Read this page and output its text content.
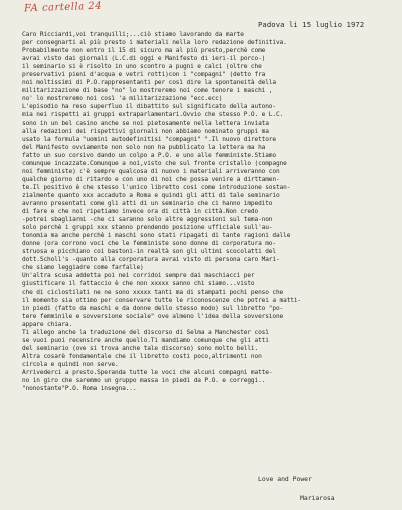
FA cartella 24
Padova li 15 luglio 1972
Caro Ricciardi,voi tranquilli;...ciò stiamo lavorando da marte
per consegnarti al più presto i materiali nella loro redazione definitiva.
Probabilmente non entro il 15 di sicuro ma al più presto,perchè come
avrai visto dai giornali (L.C.di oggi e Manifesto di ieri-il porco-)
il seminario si è risolto in uno scontro a pugni e calci (oltre che
preservativi pieni d'acqua e vetri rotti)con i "compagni" (detto fra
noi moltissimi di P.O.rappresentanti per così dire la spontaneità della
militarizzazione di base "no" lo mostreremo noi come tenore i maschi ,
no' lo mostreremo noi così 'a militarizzazione "ecc.ecc)
L'episodio ha reso superfluo il dibattito sul significato della autono-
mia nei rispetti ai gruppi extraparlamentari.Ovvio che stesso P.O. e L.C.
sono in un bel casino anche se noi pietosamente nella lettera inviata
alla redazioni dei rispettivi giornali non abbiamo nominato gruppi ma
usato la formula "uomini autodefinitisi "compagni" ".Il nuovo direttore
del Manifesto ovviamente non solo non ha pubblicato la lettera ma ha
fatto un suo corsivo dando un colpo a P.O. e uno alle femministe.Stiamo
comunque incazzate.Comunque a noi,visto che sul fronte cristallo (compagne
noi femministe) c'è sempre qualcosa di nuovo i materiali arriveranno con
qualche giorno di ritardo e con uno di noi che possa venire a dirttamen-
te.Il positivo è che stesso l'unico libretto cosi come introduzione sostan-
zialmente quanto xxx accaduto a Roma e quindi gli atti di tale seminario
avranno presentati come gli atti di un seminario che ci hanno impedito
di fare e che noi ripetiamo invece ora di città in città.Non credo
-potrei sbagliarmi -che ci saranno solo altre aggressioni sul tema-non
solo perchè i gruppi xxx stanno prendendo posizione ufficiale sull'au-
tonomia ma anche perchè i maschi sono stati ripagati di tante ragioni dalle
donne (ora corrono voci che le femministe sono donne di corporatura mo-
struosa e picchiano coi bastoni-in realtà son gli ultimi scocolatti del
dott.Scholl's -quanto alla corporatura avrai visto di persona caro Mari-
che siamo leggiadre come farfalle)
Un'altra scusa addetta poi nei corridoi sempre dai maschiacci per
giustificare il fattaccio è che non xxxxx sanno chi siamo...visto
che di ciclostilati ne ne sono xxxxx tanti ma di stampati pochi penso che
il momento sia ottimo per conservare tutte le riconoscenze che potrei a matti-
in piedi (fatto da maschi e da donne dello stesso modo) sul libretto "po-
tere femminile e sovversione sociale" ove almeno l'idea della sovversione
appare chiara.
Ti allego anche la traduzione del discorso di Selma a Manchester così
se vuoi puoi recensire anche quello.Ti mandiamo comunque che gli atti
del seminario (ove si trova anche tale discorso) sono molto belli.
Altra cosarè fondamentale che il libretto costi poco,altrimenti non
circola e quindi non serve.
Arrivederci a presto.Speranda tutte le voci che alcuni compagni matte-
no in giro che saremmo un gruppo massa in piedi da P.O. e correggi..
"nonostante"P.O. Roma insegna...
Love and Power
Mariarosa
